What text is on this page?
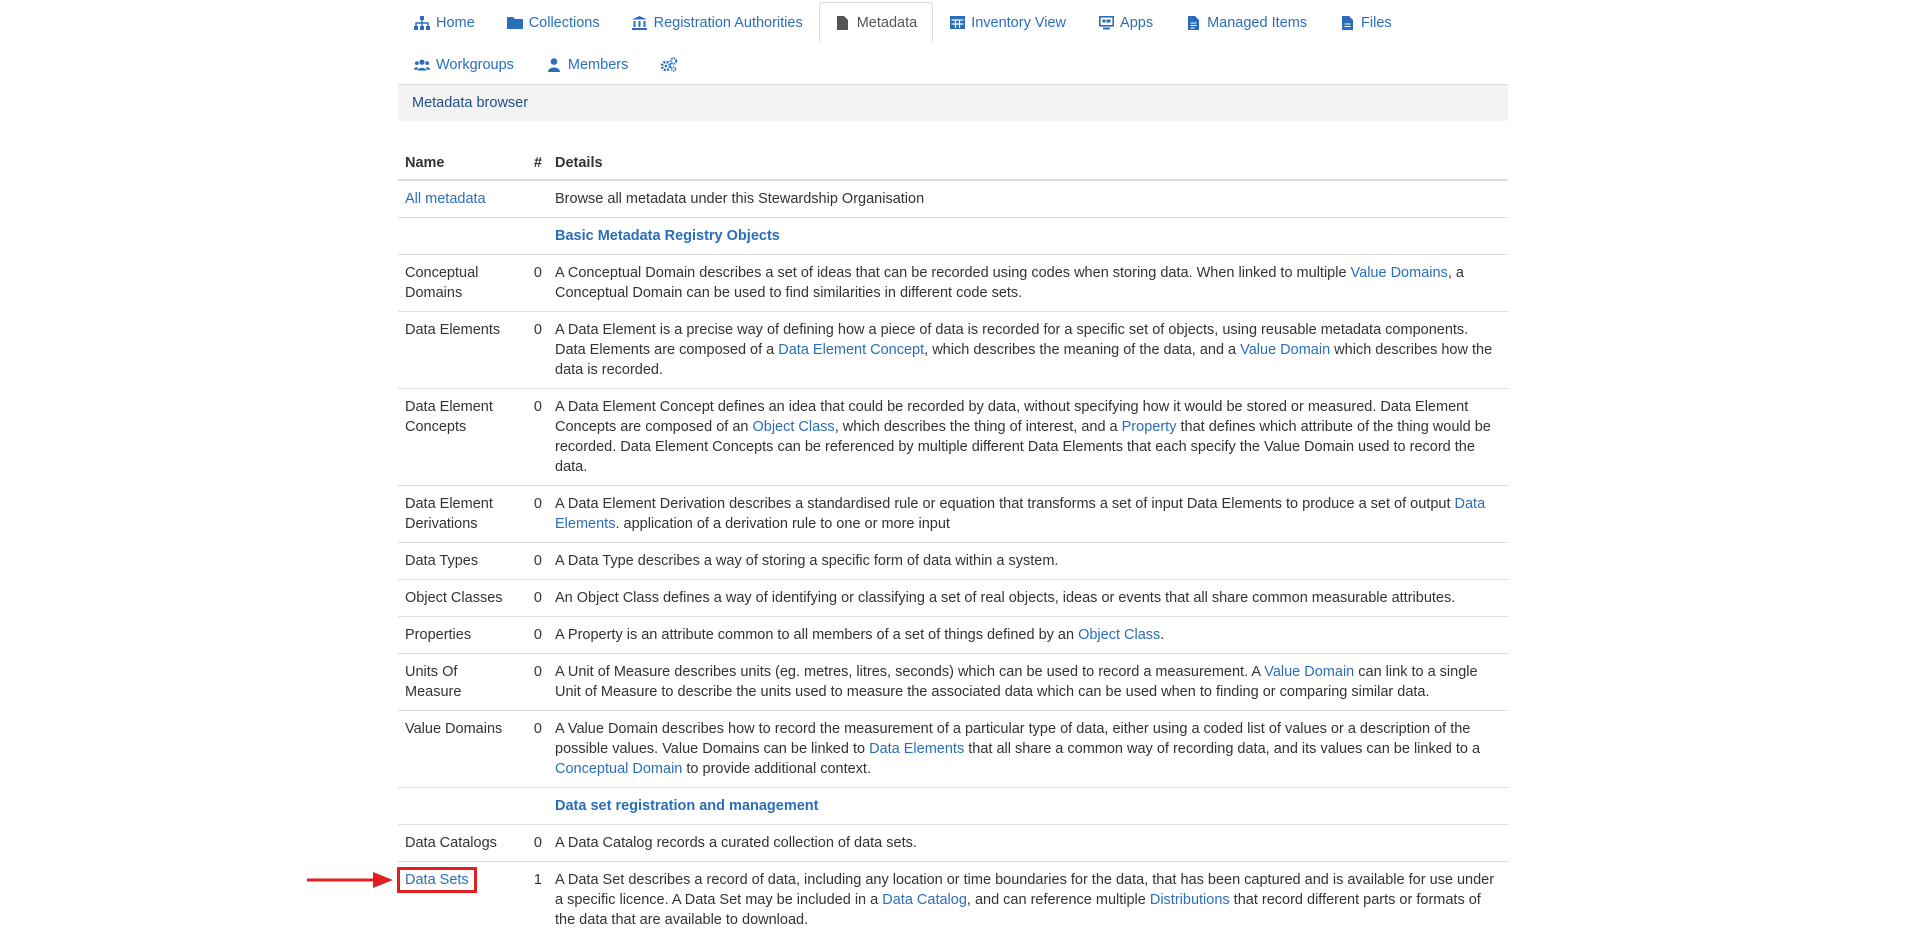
Home	Collections	Registration Authorities	Metadata	Inventory View	Apps	Managed Items	Files
Workgroups	Members
Metadata browser
Name	#	Details
All metadata		Browse all metadata under this Stewardship Organisation
		Basic Metadata Registry Objects
Conceptual Domains	0	A Conceptual Domain describes a set of ideas that can be recorded using codes when storing data. When linked to multiple Value Domains, a Conceptual Domain can be used to find similarities in different code sets.
Data Elements	0	A Data Element is a precise way of defining how a piece of data is recorded for a specific set of objects, using reusable metadata components. Data Elements are composed of a Data Element Concept, which describes the meaning of the data, and a Value Domain which describes how the data is recorded.
Data Element Concepts	0	A Data Element Concept defines an idea that could be recorded by data, without specifying how it would be stored or measured. Data Element Concepts are composed of an Object Class, which describes the thing of interest, and a Property that defines which attribute of the thing would be recorded. Data Element Concepts can be referenced by multiple different Data Elements that each specify the Value Domain used to record the data.
Data Element Derivations	0	A Data Element Derivation describes a standardised rule or equation that transforms a set of input Data Elements to produce a set of output Data Elements. application of a derivation rule to one or more input
Data Types	0	A Data Type describes a way of storing a specific form of data within a system.
Object Classes	0	An Object Class defines a way of identifying or classifying a set of real objects, ideas or events that all share common measurable attributes.
Properties	0	A Property is an attribute common to all members of a set of things defined by an Object Class.
Units Of Measure	0	A Unit of Measure describes units (eg. metres, litres, seconds) which can be used to record a measurement. A Value Domain can link to a single Unit of Measure to describe the units used to measure the associated data which can be used when to finding or comparing similar data.
Value Domains	0	A Value Domain describes how to record the measurement of a particular type of data, either using a coded list of values or a description of the possible values. Value Domains can be linked to Data Elements that all share a common way of recording data, and its values can be linked to a Conceptual Domain to provide additional context.
		Data set registration and management
Data Catalogs	0	A Data Catalog records a curated collection of data sets.
Data Sets	1	A Data Set describes a record of data, including any location or time boundaries for the data, that has been captured and is available for use under a specific licence. A Data Set may be included in a Data Catalog, and can reference multiple Distributions that record different parts or formats of the data that are available to download.
